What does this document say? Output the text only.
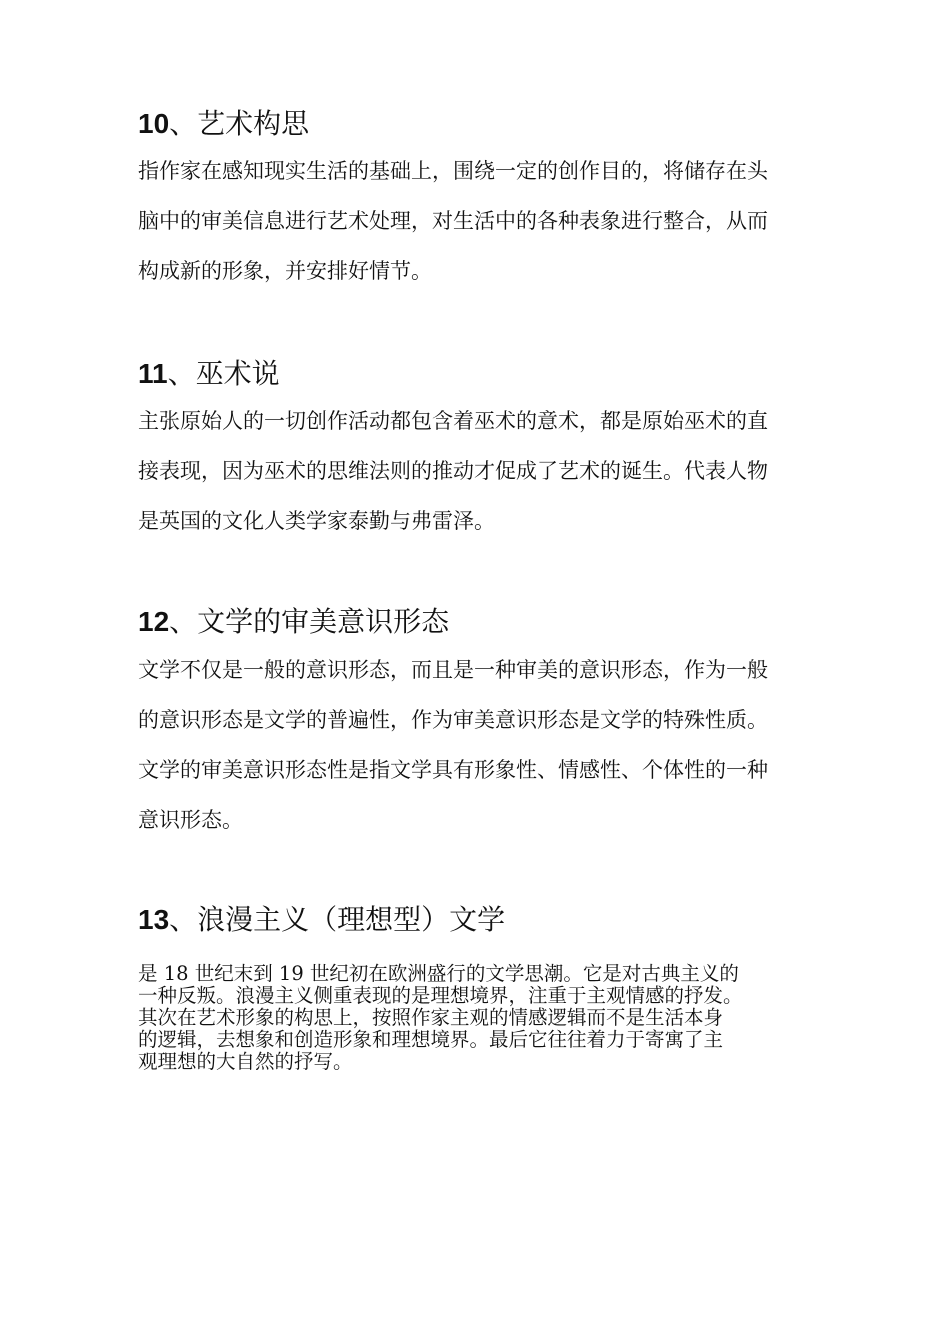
10、艺术构思
指作家在感知现实生活的基础上，围绕一定的创作目的，将储存在头
脑中的审美信息进行艺术处理，对生活中的各种表象进行整合，从而
构成新的形象，并安排好情节。
11、巫术说
主张原始人的一切创作活动都包含着巫术的意术，都是原始巫术的直
接表现，因为巫术的思维法则的推动才促成了艺术的诞生。代表人物
是英国的文化人类学家泰勤与弗雷泽。
12、文学的审美意识形态
文学不仅是一般的意识形态，而且是一种审美的意识形态，作为一般
的意识形态是文学的普遍性，作为审美意识形态是文学的特殊性质。
文学的审美意识形态性是指文学具有形象性、情感性、个体性的一种
意识形态。
13、浪漫主义（理想型）文学
是 18 世纪末到 19 世纪初在欧洲盛行的文学思潮。它是对古典主义的
一种反叛。浪漫主义侧重表现的是理想境界，注重于主观情感的抒发。
其次在艺术形象的构思上，按照作家主观的情感逻辑而不是生活本身
的逻辑，去想象和创造形象和理想境界。最后它往往着力于寄寓了主
观理想的大自然的抒写。
